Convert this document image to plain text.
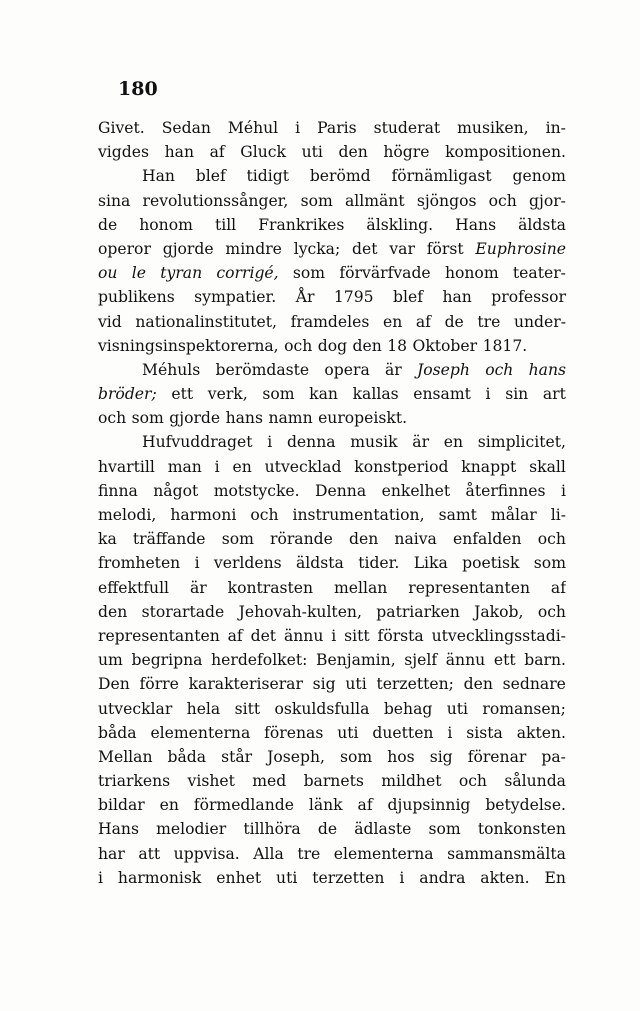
180
Givet. Sedan Méhul i Paris studerat musiken, in-
vigdes han af Gluck uti den högre kompositionen.
Han blef tidigt berömd förnämligast genom
sina revolutionssånger, som allmänt sjöngos och gjor-
de honom till Frankrikes älskling. Hans äldsta
operor gjorde mindre lycka; det var först Euphrosine
ou le tyran corrigé, som förvärfvade honom teater-
publikens sympatier. År 1795 blef han professor
vid nationalinstitutet, framdeles en af de tre under-
visningsinspektorerna, och dog den 18 Oktober 1817.
Méhuls berömdaste opera är Joseph och hans
bröder; ett verk, som kan kallas ensamt i sin art
och som gjorde hans namn europeiskt.
Hufvuddraget i denna musik är en simplicitet,
hvartill man i en utvecklad konstperiod knappt skall
finna något motstycke. Denna enkelhet återfinnes i
melodi, harmoni och instrumentation, samt målar li-
ka träffande som rörande den naiva enfalden och
fromheten i verldens äldsta tider. Lika poetisk som
effektfull är kontrasten mellan representanten af
den storartade Jehovah-kulten, patriarken Jakob, och
representanten af det ännu i sitt första utvecklingsstadi-
um begripna herdefolket: Benjamin, sjelf ännu ett barn.
Den förre karakteriserar sig uti terzetten; den sednare
utvecklar hela sitt oskuldsfulla behag uti romansen;
båda elementerna förenas uti duetten i sista akten.
Mellan båda står Joseph, som hos sig förenar pa-
triarkens vishet med barnets mildhet och sålunda
bildar en förmedlande länk af djupsinnig betydelse.
Hans melodier tillhöra de ädlaste som tonkonsten
har att uppvisa. Alla tre elementerna sammansmälta
i harmonisk enhet uti terzetten i andra akten. En
